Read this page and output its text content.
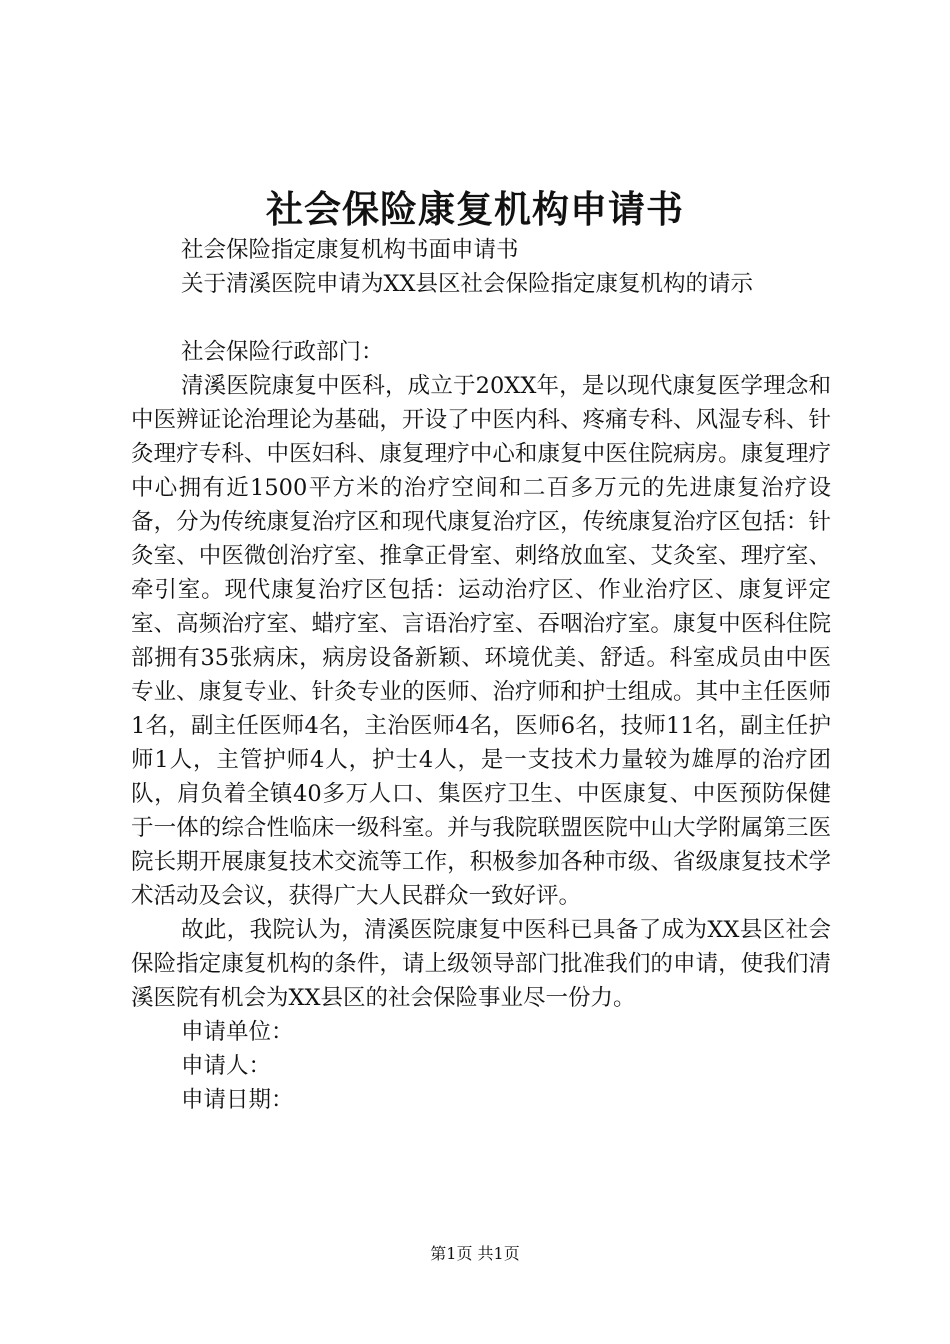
社会保险康复机构申请书

社会保险指定康复机构书面申请书

关于清溪医院申请为XX县区社会保险指定康复机构的请示

社会保险行政部门：

清溪医院康复中医科，成立于20XX年，是以现代康复医学理念和中医辨证论治理论为基础，开设了中医内科、疼痛专科、风湿专科、针灸理疗专科、中医妇科、康复理疗中心和康复中医住院病房。康复理疗中心拥有近1500平方米的治疗空间和二百多万元的先进康复治疗设备，分为传统康复治疗区和现代康复治疗区，传统康复治疗区包括：针灸室、中医微创治疗室、推拿正骨室、刺络放血室、艾灸室、理疗室、牵引室。现代康复治疗区包括：运动治疗区、作业治疗区、康复评定室、高频治疗室、蜡疗室、言语治疗室、吞咽治疗室。康复中医科住院部拥有35张病床，病房设备新颖、环境优美、舒适。科室成员由中医专业、康复专业、针灸专业的医师、治疗师和护士组成。其中主任医师1名，副主任医师4名，主治医师4名，医师6名，技师11名，副主任护师1人，主管护师4人，护士4人，是一支技术力量较为雄厚的治疗团队，肩负着全镇40多万人口、集医疗卫生、中医康复、中医预防保健于一体的综合性临床一级科室。并与我院联盟医院中山大学附属第三医院长期开展康复技术交流等工作，积极参加各种市级、省级康复技术学术活动及会议，获得广大人民群众一致好评。

故此，我院认为，清溪医院康复中医科已具备了成为XX县区社会保险指定康复机构的条件，请上级领导部门批准我们的申请，使我们清溪医院有机会为XX县区的社会保险事业尽一份力。

申请单位：

申请人：

申请日期：

第1页 共1页
